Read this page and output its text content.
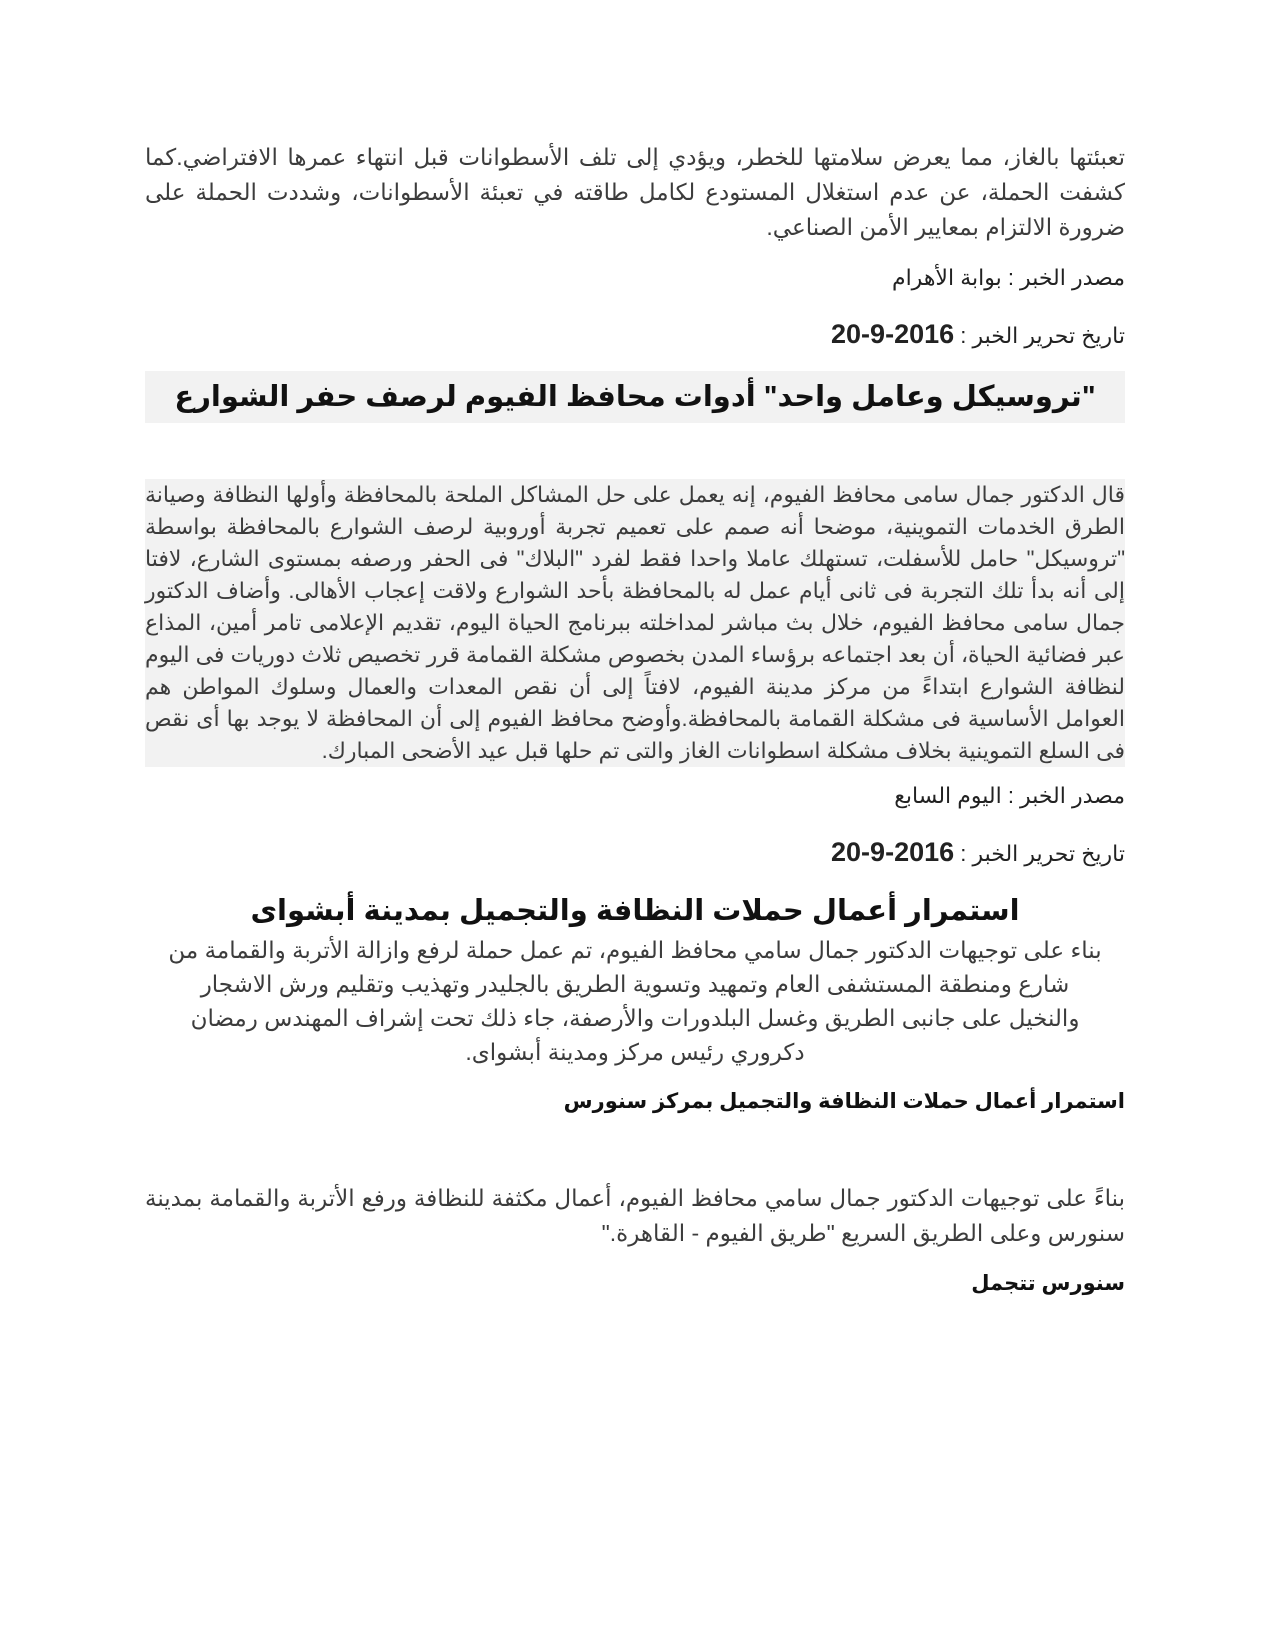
تعبئتها بالغاز، مما يعرض سلامتها للخطر، ويؤدي إلى تلف الأسطوانات قبل انتهاء عمرها الافتراضي.كما كشفت الحملة، عن عدم استغلال المستودع لكامل طاقته في تعبئة الأسطوانات، وشددت الحملة على ضرورة الالتزام بمعايير الأمن الصناعي.

مصدر الخبر : بوابة الأهرام

تاريخ تحرير الخبر : 2016-9-20

"تروسيكل وعامل واحد" أدوات محافظ الفيوم لرصف حفر الشوارع

قال الدكتور جمال سامى محافظ الفيوم، إنه يعمل على حل المشاكل الملحة بالمحافظة وأولها النظافة وصيانة الطرق الخدمات التموينية، موضحا أنه صمم على تعميم تجربة أوروبية لرصف الشوارع بالمحافظة بواسطة "تروسيكل" حامل للأسفلت، تستهلك عاملا واحدا فقط لفرد "البلاك" فى الحفر ورصفه بمستوى الشارع، لافتا إلى أنه بدأ تلك التجربة فى ثانى أيام عمل له بالمحافظة بأحد الشوارع ولاقت إعجاب الأهالى. وأضاف الدكتور جمال سامى محافظ الفيوم، خلال بث مباشر لمداخلته ببرنامج الحياة اليوم، تقديم الإعلامى تامر أمين، المذاع عبر فضائية الحياة، أن بعد اجتماعه برؤساء المدن بخصوص مشكلة القمامة قرر تخصيص ثلاث دوريات فى اليوم لنظافة الشوارع ابتداءً من مركز مدينة الفيوم، لافتاً إلى أن نقص المعدات والعمال وسلوك المواطن هم العوامل الأساسية فى مشكلة القمامة بالمحافظة.وأوضح محافظ الفيوم إلى أن المحافظة لا يوجد بها أى نقص فى السلع التموينية بخلاف مشكلة اسطوانات الغاز والتى تم حلها قبل عيد الأضحى المبارك.

مصدر الخبر : اليوم السابع

تاريخ تحرير الخبر : 2016-9-20

استمرار أعمال حملات النظافة والتجميل بمدينة أبشواى

بناء على توجيهات الدكتور جمال سامي محافظ الفيوم، تم عمل حملة لرفع وازالة الأتربة والقمامة من شارع ومنطقة المستشفى العام وتمهيد وتسوية الطريق بالجليدر وتهذيب وتقليم ورش الاشجار والنخيل على جانبى الطريق وغسل البلدورات والأرصفة، جاء ذلك تحت إشراف المهندس رمضان دكروري رئيس مركز ومدينة أبشواى.

استمرار أعمال حملات النظافة والتجميل بمركز سنورس

بناءً على توجيهات الدكتور جمال سامي محافظ الفيوم، أعمال مكثفة للنظافة ورفع الأتربة والقمامة بمدينة سنورس وعلى الطريق السريع "طريق الفيوم - القاهرة."

سنورس تتجمل
